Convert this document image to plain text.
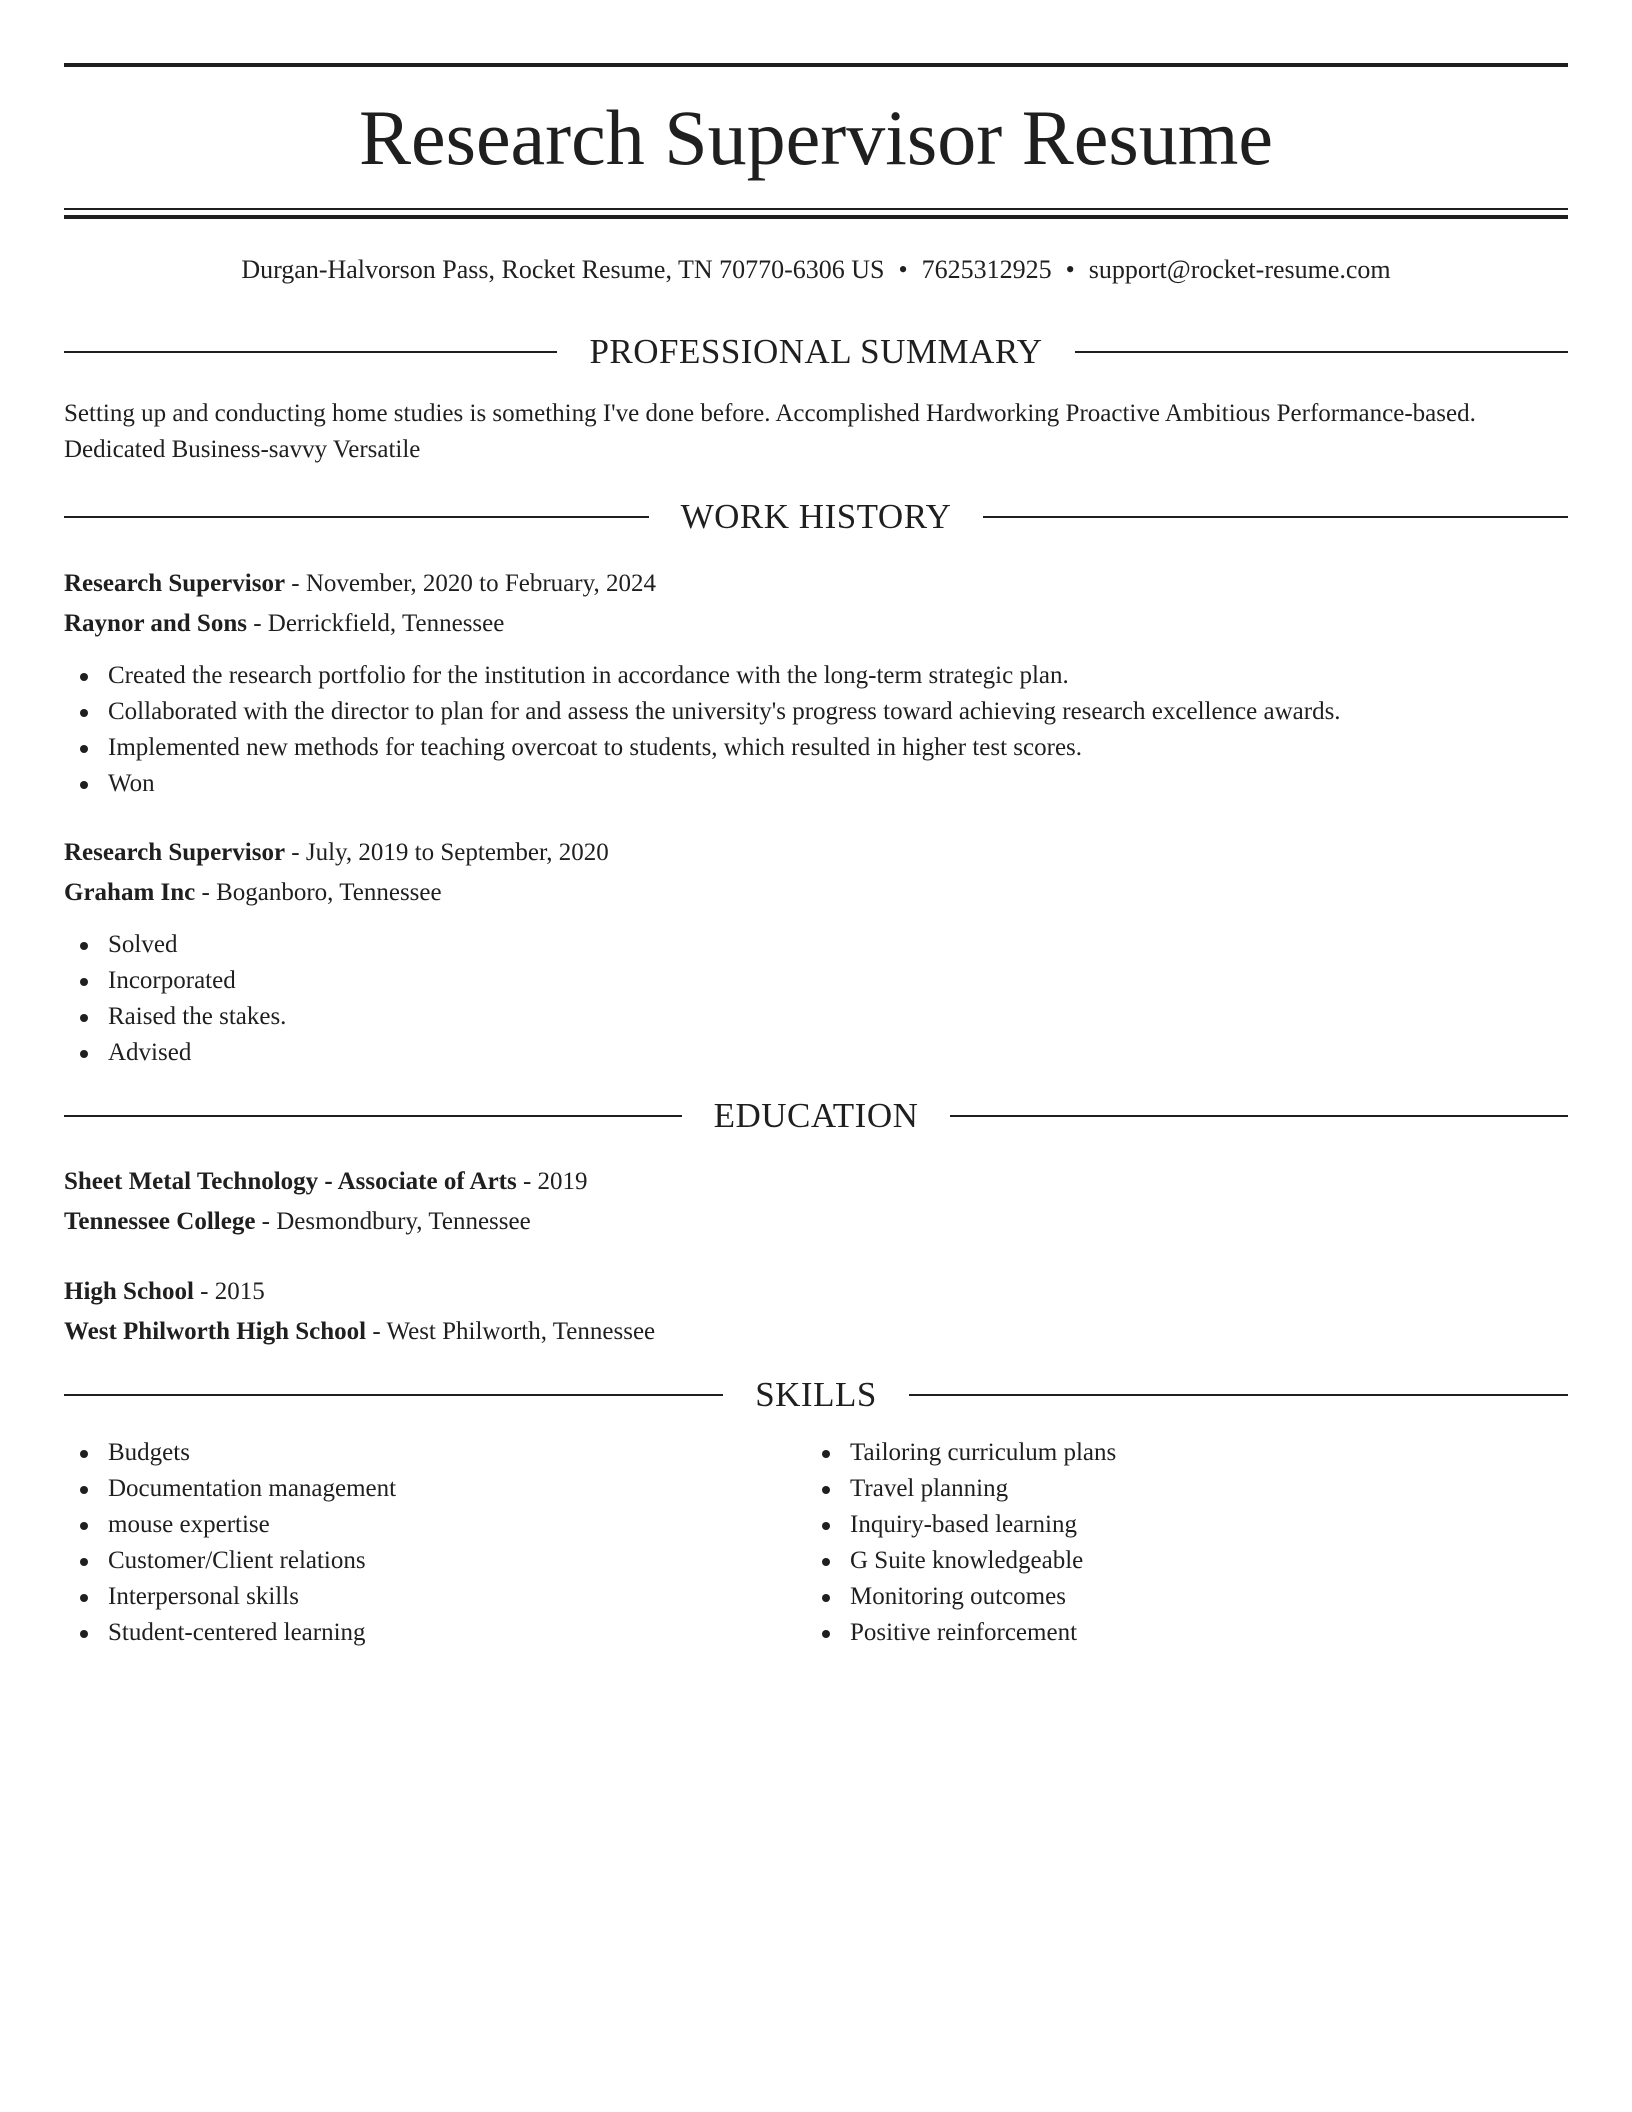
Research Supervisor Resume
Durgan-Halvorson Pass, Rocket Resume, TN 70770-6306 US • 7625312925 • support@rocket-resume.com
PROFESSIONAL SUMMARY
Setting up and conducting home studies is something I've done before. Accomplished Hardworking Proactive Ambitious Performance-based. Dedicated Business-savvy Versatile
WORK HISTORY
Research Supervisor - November, 2020 to February, 2024
Raynor and Sons - Derrickfield, Tennessee
Created the research portfolio for the institution in accordance with the long-term strategic plan.
Collaborated with the director to plan for and assess the university's progress toward achieving research excellence awards.
Implemented new methods for teaching overcoat to students, which resulted in higher test scores.
Won
Research Supervisor - July, 2019 to September, 2020
Graham Inc - Boganboro, Tennessee
Solved
Incorporated
Raised the stakes.
Advised
EDUCATION
Sheet Metal Technology - Associate of Arts - 2019
Tennessee College - Desmondbury, Tennessee
High School - 2015
West Philworth High School - West Philworth, Tennessee
SKILLS
Budgets
Documentation management
mouse expertise
Customer/Client relations
Interpersonal skills
Student-centered learning
Tailoring curriculum plans
Travel planning
Inquiry-based learning
G Suite knowledgeable
Monitoring outcomes
Positive reinforcement
